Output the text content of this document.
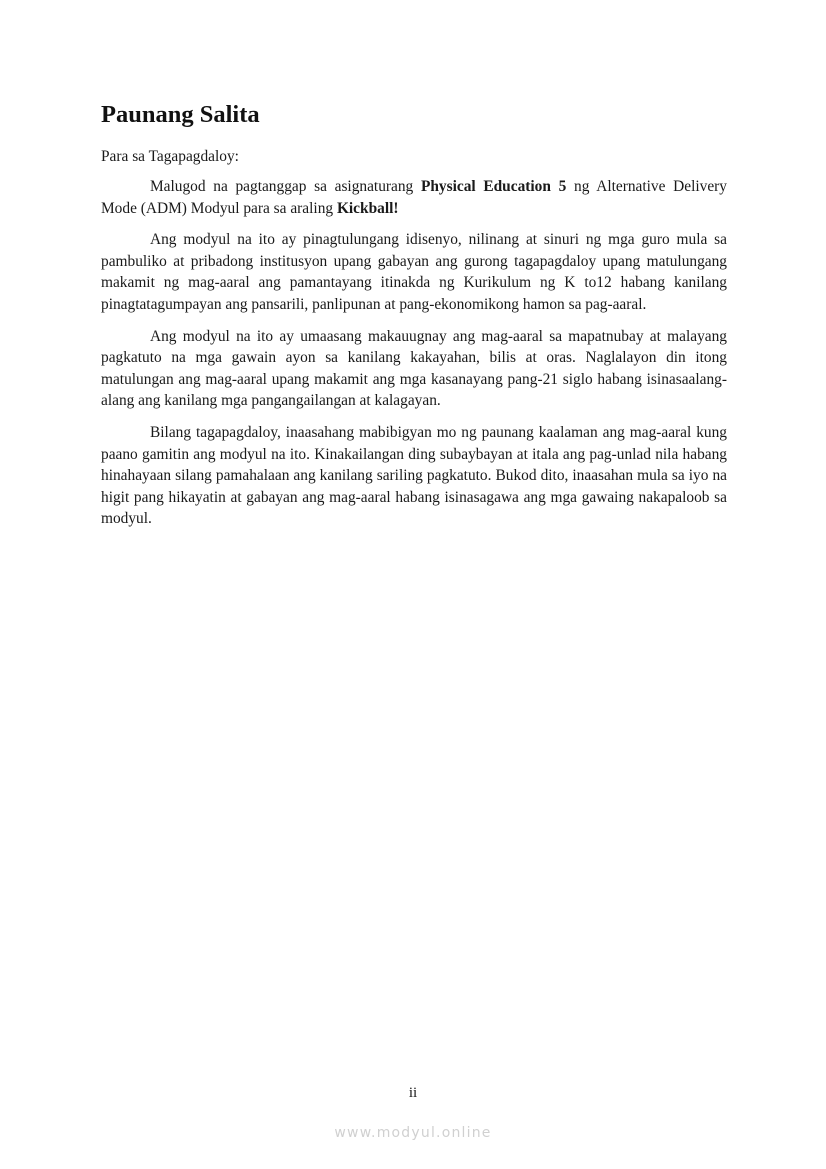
Paunang Salita

Para sa Tagapagdaloy:

Malugod na pagtanggap sa asignaturang Physical Education 5 ng Alternative Delivery Mode (ADM) Modyul para sa araling Kickball!

Ang modyul na ito ay pinagtulungang idisenyo, nilinang at sinuri ng mga guro mula sa pambuliko at pribadong institusyon upang gabayan ang gurong tagapagdaloy upang matulungang makamit ng mag-aaral ang pamantayang itinakda ng Kurikulum ng K to12 habang kanilang pinagtatagumpayan ang pansarili, panlipunan at pang-ekonomikong hamon sa pag-aaral.

Ang modyul na ito ay umaasang makauugnay ang mag-aaral sa mapatnubay at malayang pagkatuto na mga gawain ayon sa kanilang kakayahan, bilis at oras. Naglalayon din itong matulungan ang mag-aaral upang makamit ang mga kasanayang pang-21 siglo habang isinasaalang-alang ang kanilang mga pangangailangan at kalagayan.

Bilang tagapagdaloy, inaasahang mabibigyan mo ng paunang kaalaman ang mag-aaral kung paano gamitin ang modyul na ito. Kinakailangan ding subaybayan at itala ang pag-unlad nila habang hinahayaan silang pamahalaan ang kanilang sariling pagkatuto. Bukod dito, inaasahan mula sa iyo na higit pang hikayatin at gabayan ang mag-aaral habang isinasagawa ang mga gawaing nakapaloob sa modyul.

ii
www.modyul.online
